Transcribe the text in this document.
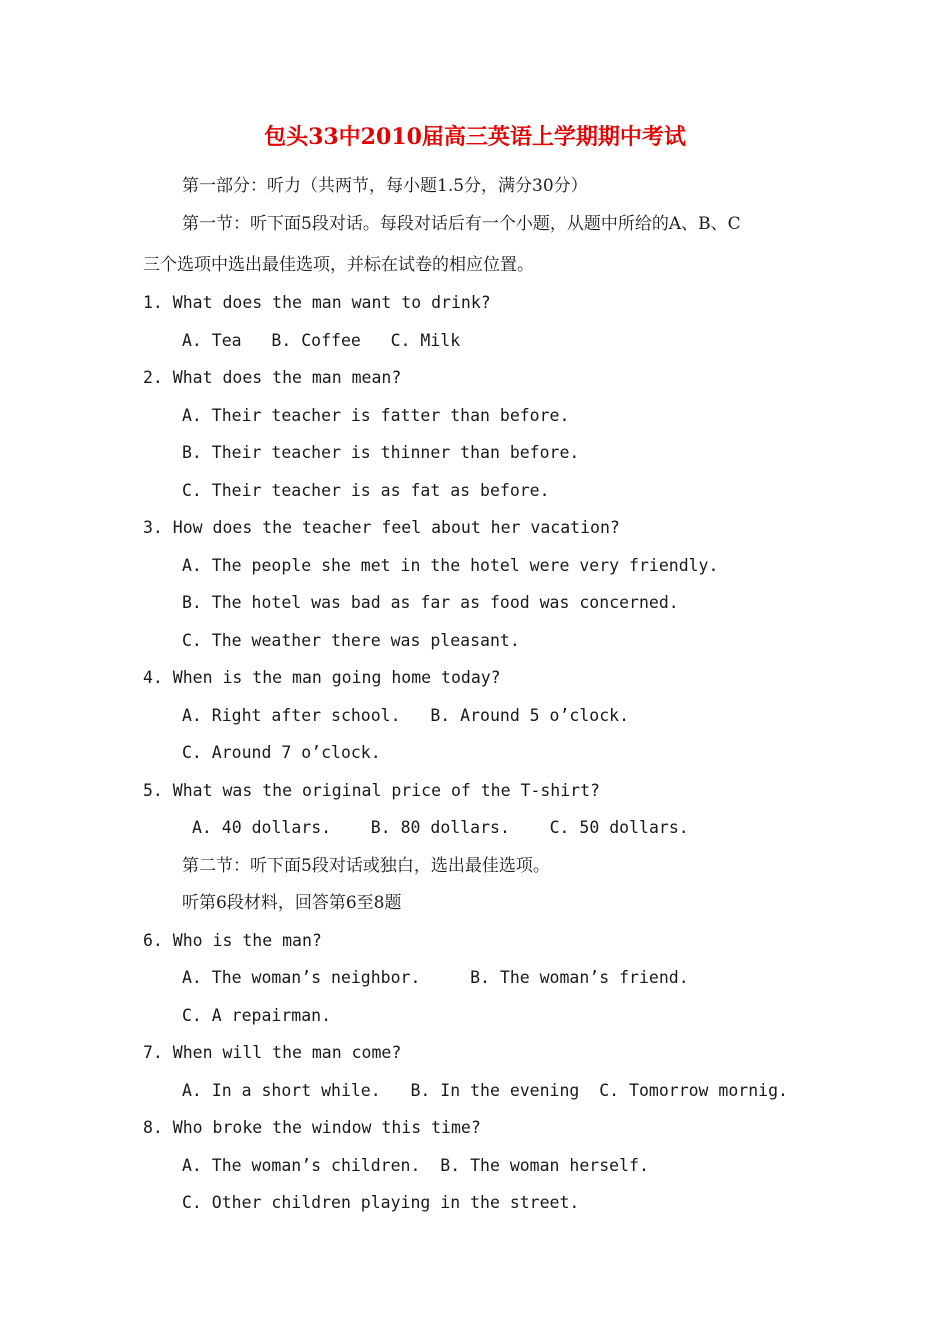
包头33中2010届高三英语上学期期中考试
第一部分：听力（共两节，每小题1.5分，满分30分）
第一节：听下面5段对话。每段对话后有一个小题，从题中所给的A、B、C
三个选项中选出最佳选项，并标在试卷的相应位置。
1. What does the man want to drink?
A. Tea   B. Coffee   C. Milk
2. What does the man mean?
A. Their teacher is fatter than before.
B. Their teacher is thinner than before.
C. Their teacher is as fat as before.
3. How does the teacher feel about her vacation?
A. The people she met in the hotel were very friendly.
B. The hotel was bad as far as food was concerned.
C. The weather there was pleasant.
4. When is the man going home today?
A. Right after school.   B. Around 5 o’clock.
C. Around 7 o’clock.
5. What was the original price of the T-shirt?
A. 40 dollars.    B. 80 dollars.    C. 50 dollars.
第二节：听下面5段对话或独白，选出最佳选项。
听第6段材料，回答第6至8题
6. Who is the man?
A. The woman’s neighbor.     B. The woman’s friend.
C. A repairman.
7. When will the man come?
A. In a short while.   B. In the evening  C. Tomorrow mornig.
8. Who broke the window this time?
A. The woman’s children.  B. The woman herself.
C. Other children playing in the street.
